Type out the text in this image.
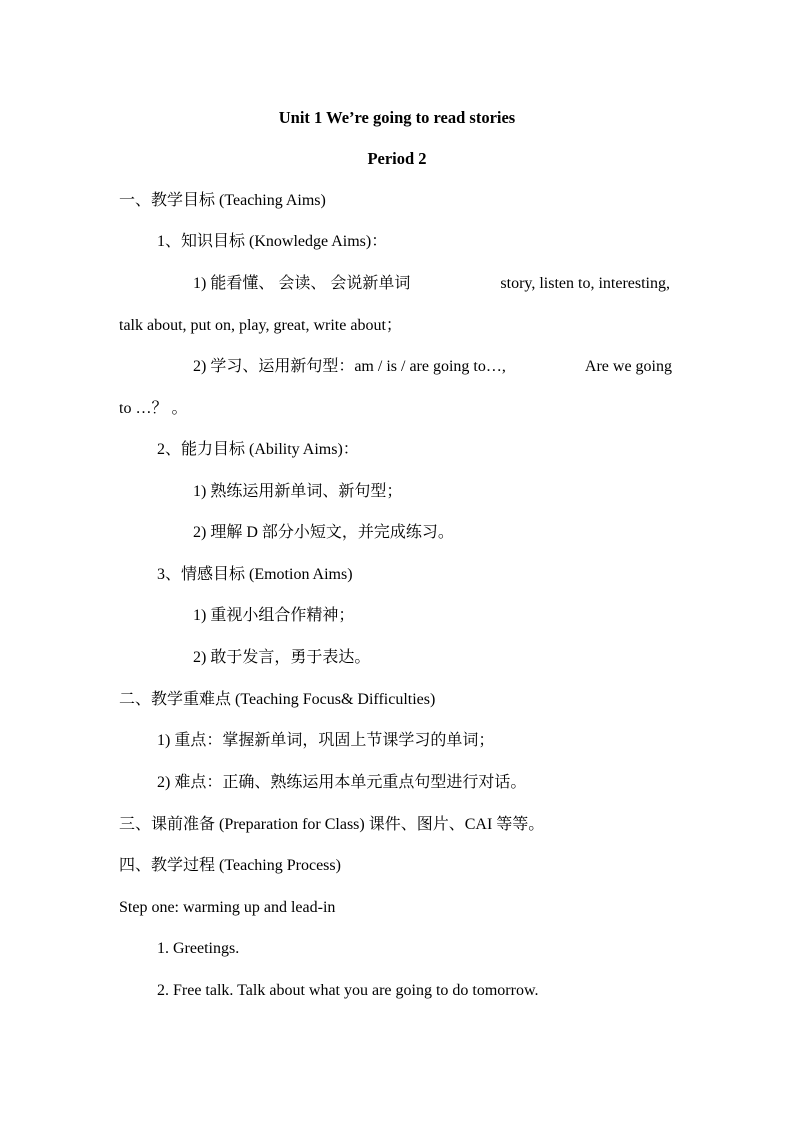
Unit 1 We’re going to read stories
Period 2
一、教学目标 (Teaching Aims)
1、知识目标 (Knowledge Aims)：
1) 能看懂、 会读、 会说新单词	story, listen to, interesting,
talk about, put on, play, great, write about；
2) 学习、运用新句型：am / is / are going to…,	Are we going
to …？ 。
2、能力目标 (Ability Aims)：
1) 熟练运用新单词、新句型；
2) 理解 D 部分小短文，并完成练习。
3、情感目标 (Emotion Aims)
1) 重视小组合作精神；
2) 敢于发言，勇于表达。
二、教学重难点 (Teaching Focus& Difficulties)
1) 重点：掌握新单词，巩固上节课学习的单词；
2) 难点：正确、熟练运用本单元重点句型进行对话。
三、课前准备 (Preparation for Class) 课件、图片、CAI 等等。
四、教学过程 (Teaching Process)
Step one: warming up and lead-in
1. Greetings.
2. Free talk. Talk about what you are going to do tomorrow.
